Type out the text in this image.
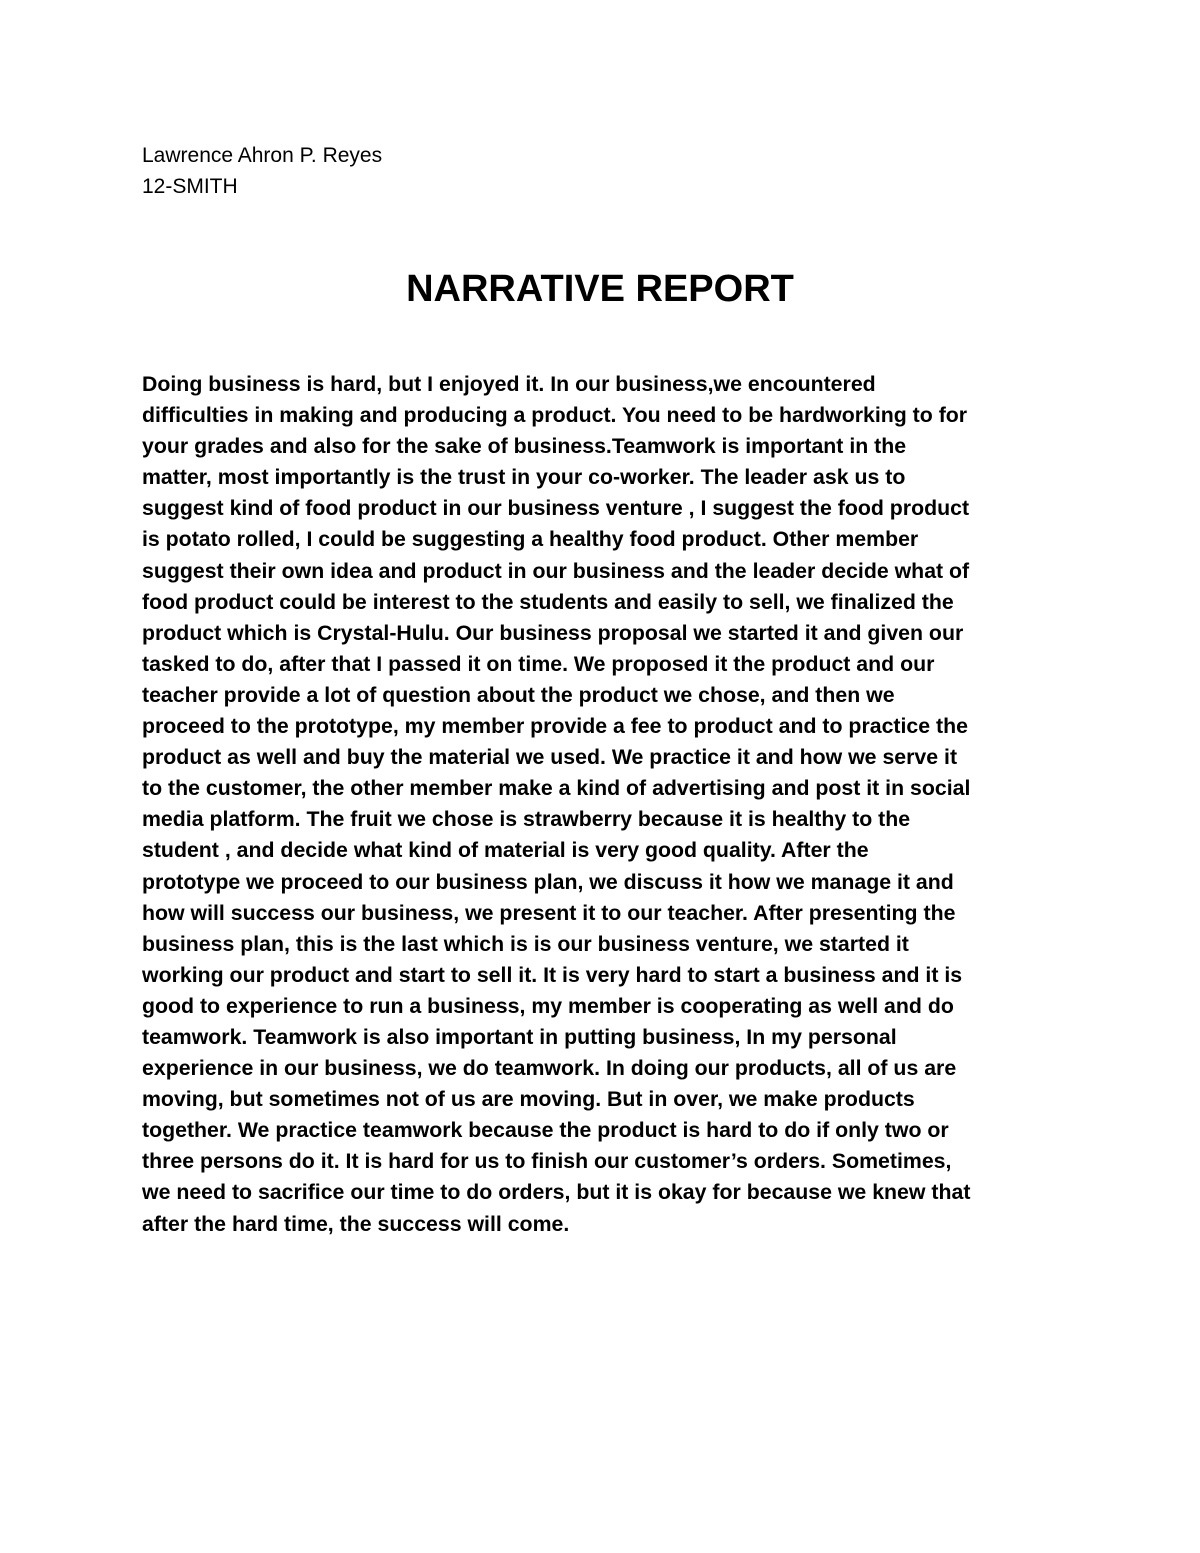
Lawrence Ahron P. Reyes

12-SMITH

NARRATIVE REPORT
Doing business is hard, but I enjoyed it. In our business,we encountered
difficulties in making and producing a product. You need to be hardworking to for
your grades and also for the sake of business.Teamwork is important in the
matter, most importantly is the trust in your co-worker. The leader ask us to
suggest kind of food product in our business venture , I suggest the food product
is potato rolled, I could be suggesting a healthy food product. Other member
suggest their own idea and product in our business and the leader decide what of
food product could be interest to the students and easily to sell, we finalized the
product which is Crystal-Hulu. Our business proposal we started it and given our
tasked to do, after that I passed it on time. We proposed it the product and our
teacher provide a lot of question about the product we chose, and then we
proceed to the prototype, my member provide a fee to product and to practice the
product as well and buy the material we used. We practice it and how we serve it
to the customer, the other member make a kind of advertising and post it in social
media platform. The fruit we chose is strawberry because it is healthy to the
student , and decide what kind of material is very good quality. After the
prototype we proceed to our business plan, we discuss it how we manage it and
how will success our business, we present it to our teacher. After presenting the
business plan, this is the last which is is our business venture, we started it
working our product and start to sell it. It is very hard to start a business and it is
good to experience to run a business, my member is cooperating as well and do
teamwork. Teamwork is also important in putting business, In my personal
experience in our business, we do teamwork. In doing our products, all of us are
moving, but sometimes not of us are moving. But in over, we make products
together. We practice teamwork because the product is hard to do if only two or
three persons do it. It is hard for us to finish our customer’s orders. Sometimes,
we need to sacrifice our time to do orders, but it is okay for because we knew that
after the hard time, the success will come.
